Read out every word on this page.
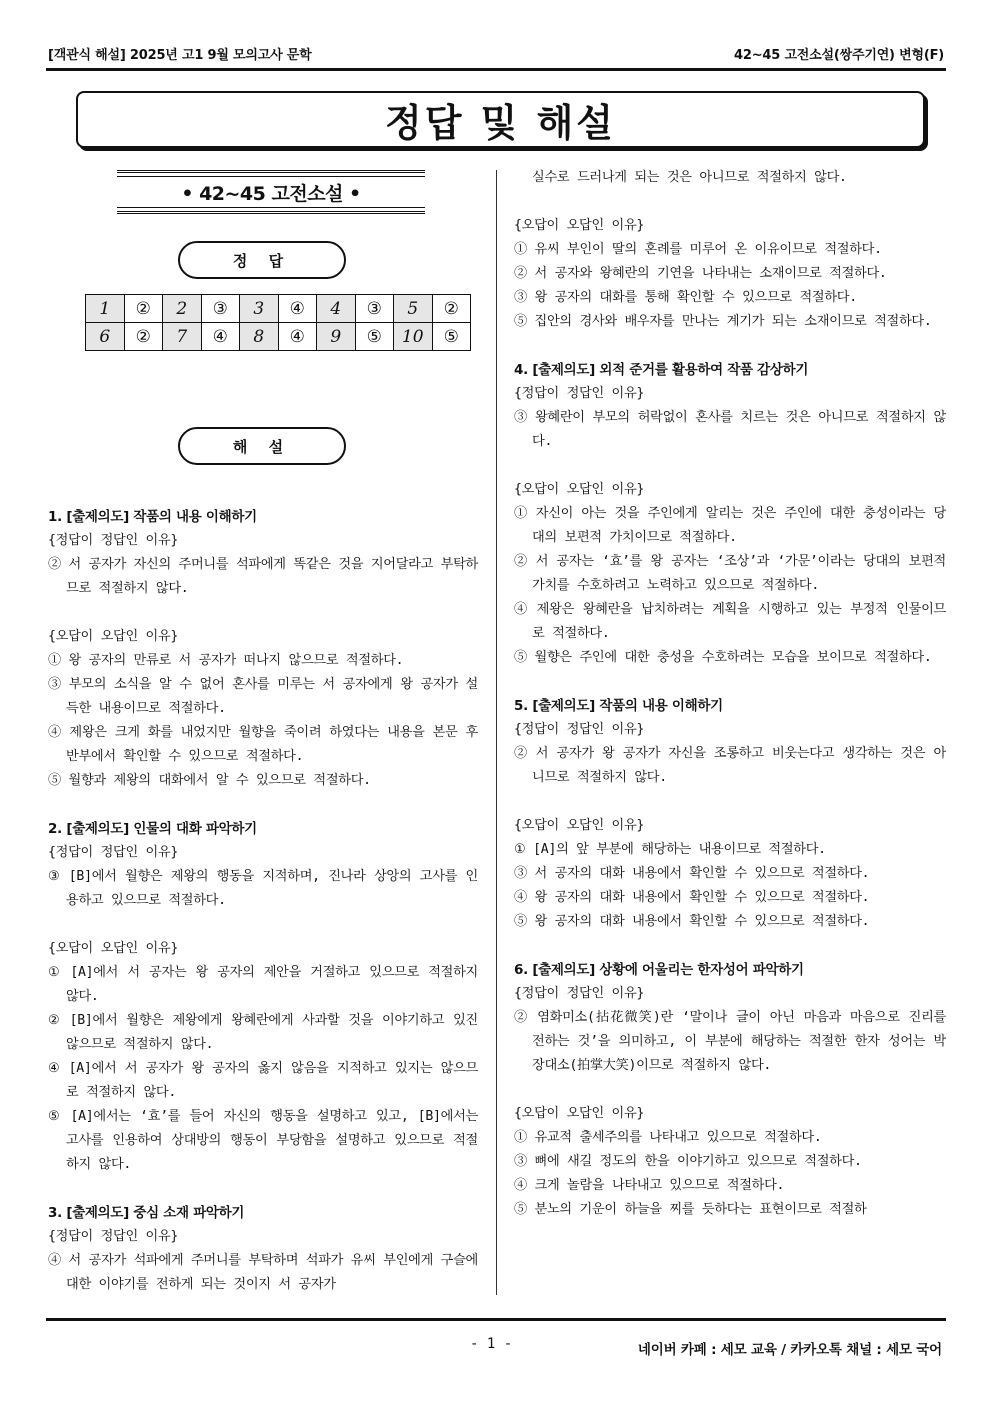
[객관식 해설] 2025년 고1 9월 모의고사 문학	42~45 고전소설(쌍주기연) 변형(F)
정답 및 해설
• 42~45 고전소설 •
정 답
1	②	2	③	3	④	4	③	5	②
6	②	7	④	8	④	9	⑤	10	⑤
해 설
1. [출제의도] 작품의 내용 이해하기
{정답이 정답인 이유}
② 서 공자가 자신의 주머니를 석파에게 똑같은 것을 지어달라고 부탁하므로 적절하지 않다.
{오답이 오답인 이유}
① 왕 공자의 만류로 서 공자가 떠나지 않으므로 적절하다.
③ 부모의 소식을 알 수 없어 혼사를 미루는 서 공자에게 왕 공자가 설득한 내용이므로 적절하다.
④ 제왕은 크게 화를 내었지만 월향을 죽이려 하였다는 내용을 본문 후반부에서 확인할 수 있으므로 적절하다.
⑤ 월향과 제왕의 대화에서 알 수 있으므로 적절하다.
2. [출제의도] 인물의 대화 파악하기
{정답이 정답인 이유}
③ [B]에서 월향은 제왕의 행동을 지적하며, 진나라 상앙의 고사를 인용하고 있으므로 적절하다.
{오답이 오답인 이유}
① [A]에서 서 공자는 왕 공자의 제안을 거절하고 있으므로 적절하지 않다.
② [B]에서 월향은 제왕에게 왕혜란에게 사과할 것을 이야기하고 있진 않으므로 적절하지 않다.
④ [A]에서 서 공자가 왕 공자의 옳지 않음을 지적하고 있지는 않으므로 적절하지 않다.
⑤ [A]에서는 ‘효’를 들어 자신의 행동을 설명하고 있고, [B]에서는 고사를 인용하여 상대방의 행동이 부당함을 설명하고 있으므로 적절하지 않다.
3. [출제의도] 중심 소재 파악하기
{정답이 정답인 이유}
④ 서 공자가 석파에게 주머니를 부탁하며 석파가 유씨 부인에게 구슬에 대한 이야기를 전하게 되는 것이지 서 공자가
실수로 드러나게 되는 것은 아니므로 적절하지 않다.
{오답이 오답인 이유}
① 유씨 부인이 딸의 혼례를 미루어 온 이유이므로 적절하다.
② 서 공자와 왕혜란의 기연을 나타내는 소재이므로 적절하다.
③ 왕 공자의 대화를 통해 확인할 수 있으므로 적절하다.
⑤ 집안의 경사와 배우자를 만나는 계기가 되는 소재이므로 적절하다.
4. [출제의도] 외적 준거를 활용하여 작품 감상하기
{정답이 정답인 이유}
③ 왕혜란이 부모의 허락없이 혼사를 치르는 것은 아니므로 적절하지 않다.
{오답이 오답인 이유}
① 자신이 아는 것을 주인에게 알리는 것은 주인에 대한 충성이라는 당대의 보편적 가치이므로 적절하다.
② 서 공자는 ‘효’를 왕 공자는 ‘조상’과 ‘가문’이라는 당대의 보편적 가치를 수호하려고 노력하고 있으므로 적절하다.
④ 제왕은 왕혜란을 납치하려는 계획을 시행하고 있는 부정적 인물이므로 적절하다.
⑤ 월향은 주인에 대한 충성을 수호하려는 모습을 보이므로 적절하다.
5. [출제의도] 작품의 내용 이해하기
{정답이 정답인 이유}
② 서 공자가 왕 공자가 자신을 조롱하고 비웃는다고 생각하는 것은 아니므로 적절하지 않다.
{오답이 오답인 이유}
① [A]의 앞 부분에 해당하는 내용이므로 적절하다.
③ 서 공자의 대화 내용에서 확인할 수 있으므로 적절하다.
④ 왕 공자의 대화 내용에서 확인할 수 있으므로 적절하다.
⑤ 왕 공자의 대화 내용에서 확인할 수 있으므로 적절하다.
6. [출제의도] 상황에 어울리는 한자성어 파악하기
{정답이 정답인 이유}
② 염화미소(拈花微笑)란 ‘말이나 글이 아닌 마음과 마음으로 진리를 전하는 것’을 의미하고, 이 부분에 해당하는 적절한 한자 성어는 박장대소(拍掌大笑)이므로 적절하지 않다.
{오답이 오답인 이유}
① 유교적 출세주의를 나타내고 있으므로 적절하다.
③ 뼈에 새길 정도의 한을 이야기하고 있으므로 적절하다.
④ 크게 놀람을 나타내고 있으므로 적절하다.
⑤ 분노의 기운이 하늘을 찌를 듯하다는 표현이므로 적절하
- 1 -	네이버 카페 : 세모 교육 / 카카오톡 채널 : 세모 국어
